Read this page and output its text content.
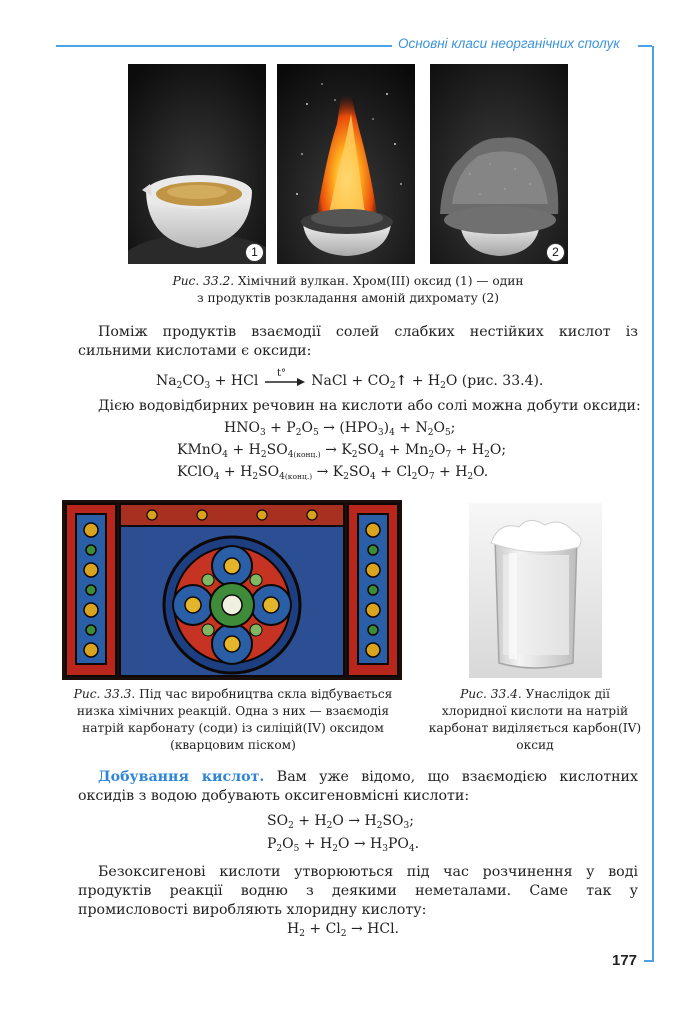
Основні класи неорганічних сполук
1	2
Рис. 33.2. Хімічний вулкан. Хром(ІІІ) оксид (1) — один
з продуктів розкладання амоній дихромату (2)
Поміж продуктів взаємодії солей слабких нестійких кислот із сильними кислотами є оксиди:
$Na_2CO_3$ + HCl t° NaCl + $CO_2↑ + H_2O$ (рис. 33.4).
Дією водовідбирних речовин на кислоти або солі можна добути оксиди:
$HNO_3 + P_2O_5 \to (HPO_3)_4 + N_2O_5$;
KMnO$_4$ + $H_2SO_{4(конц.)} \to K_2SO_4 + Mn_2O_7 + H_2O$;
KClO$_4$ + $H_2SO_{4(конц.)} \to K_2SO_4 + Cl_2O_7 + H_2O$.
Рис. 33.3. Під час виробництва скла відбувається низка хімічних реакцій. Одна з них — взаємодія натрій карбонату (соди) із силіцій(IV) оксидом (кварцовим піском)
Рис. 33.4. Унаслідок дії хлоридної кислоти на натрій карбонат виділяється карбон(IV) оксид
Добування кислот. Вам уже відомо, що взаємодією кислотних оксидів з водою добувають оксигеновмісні кислоти:
$SO_2 + H_2O \to H_2SO_3$;
$P_2O_5 + H_2O \to H_3PO_4$.
Безоксигенові кислоти утворюються під час розчинення у воді продуктів реакції водню з деякими неметалами. Саме так у промисловості виробляють хлоридну кислоту:
$H_2 + Cl_2$ → HCl.
177
